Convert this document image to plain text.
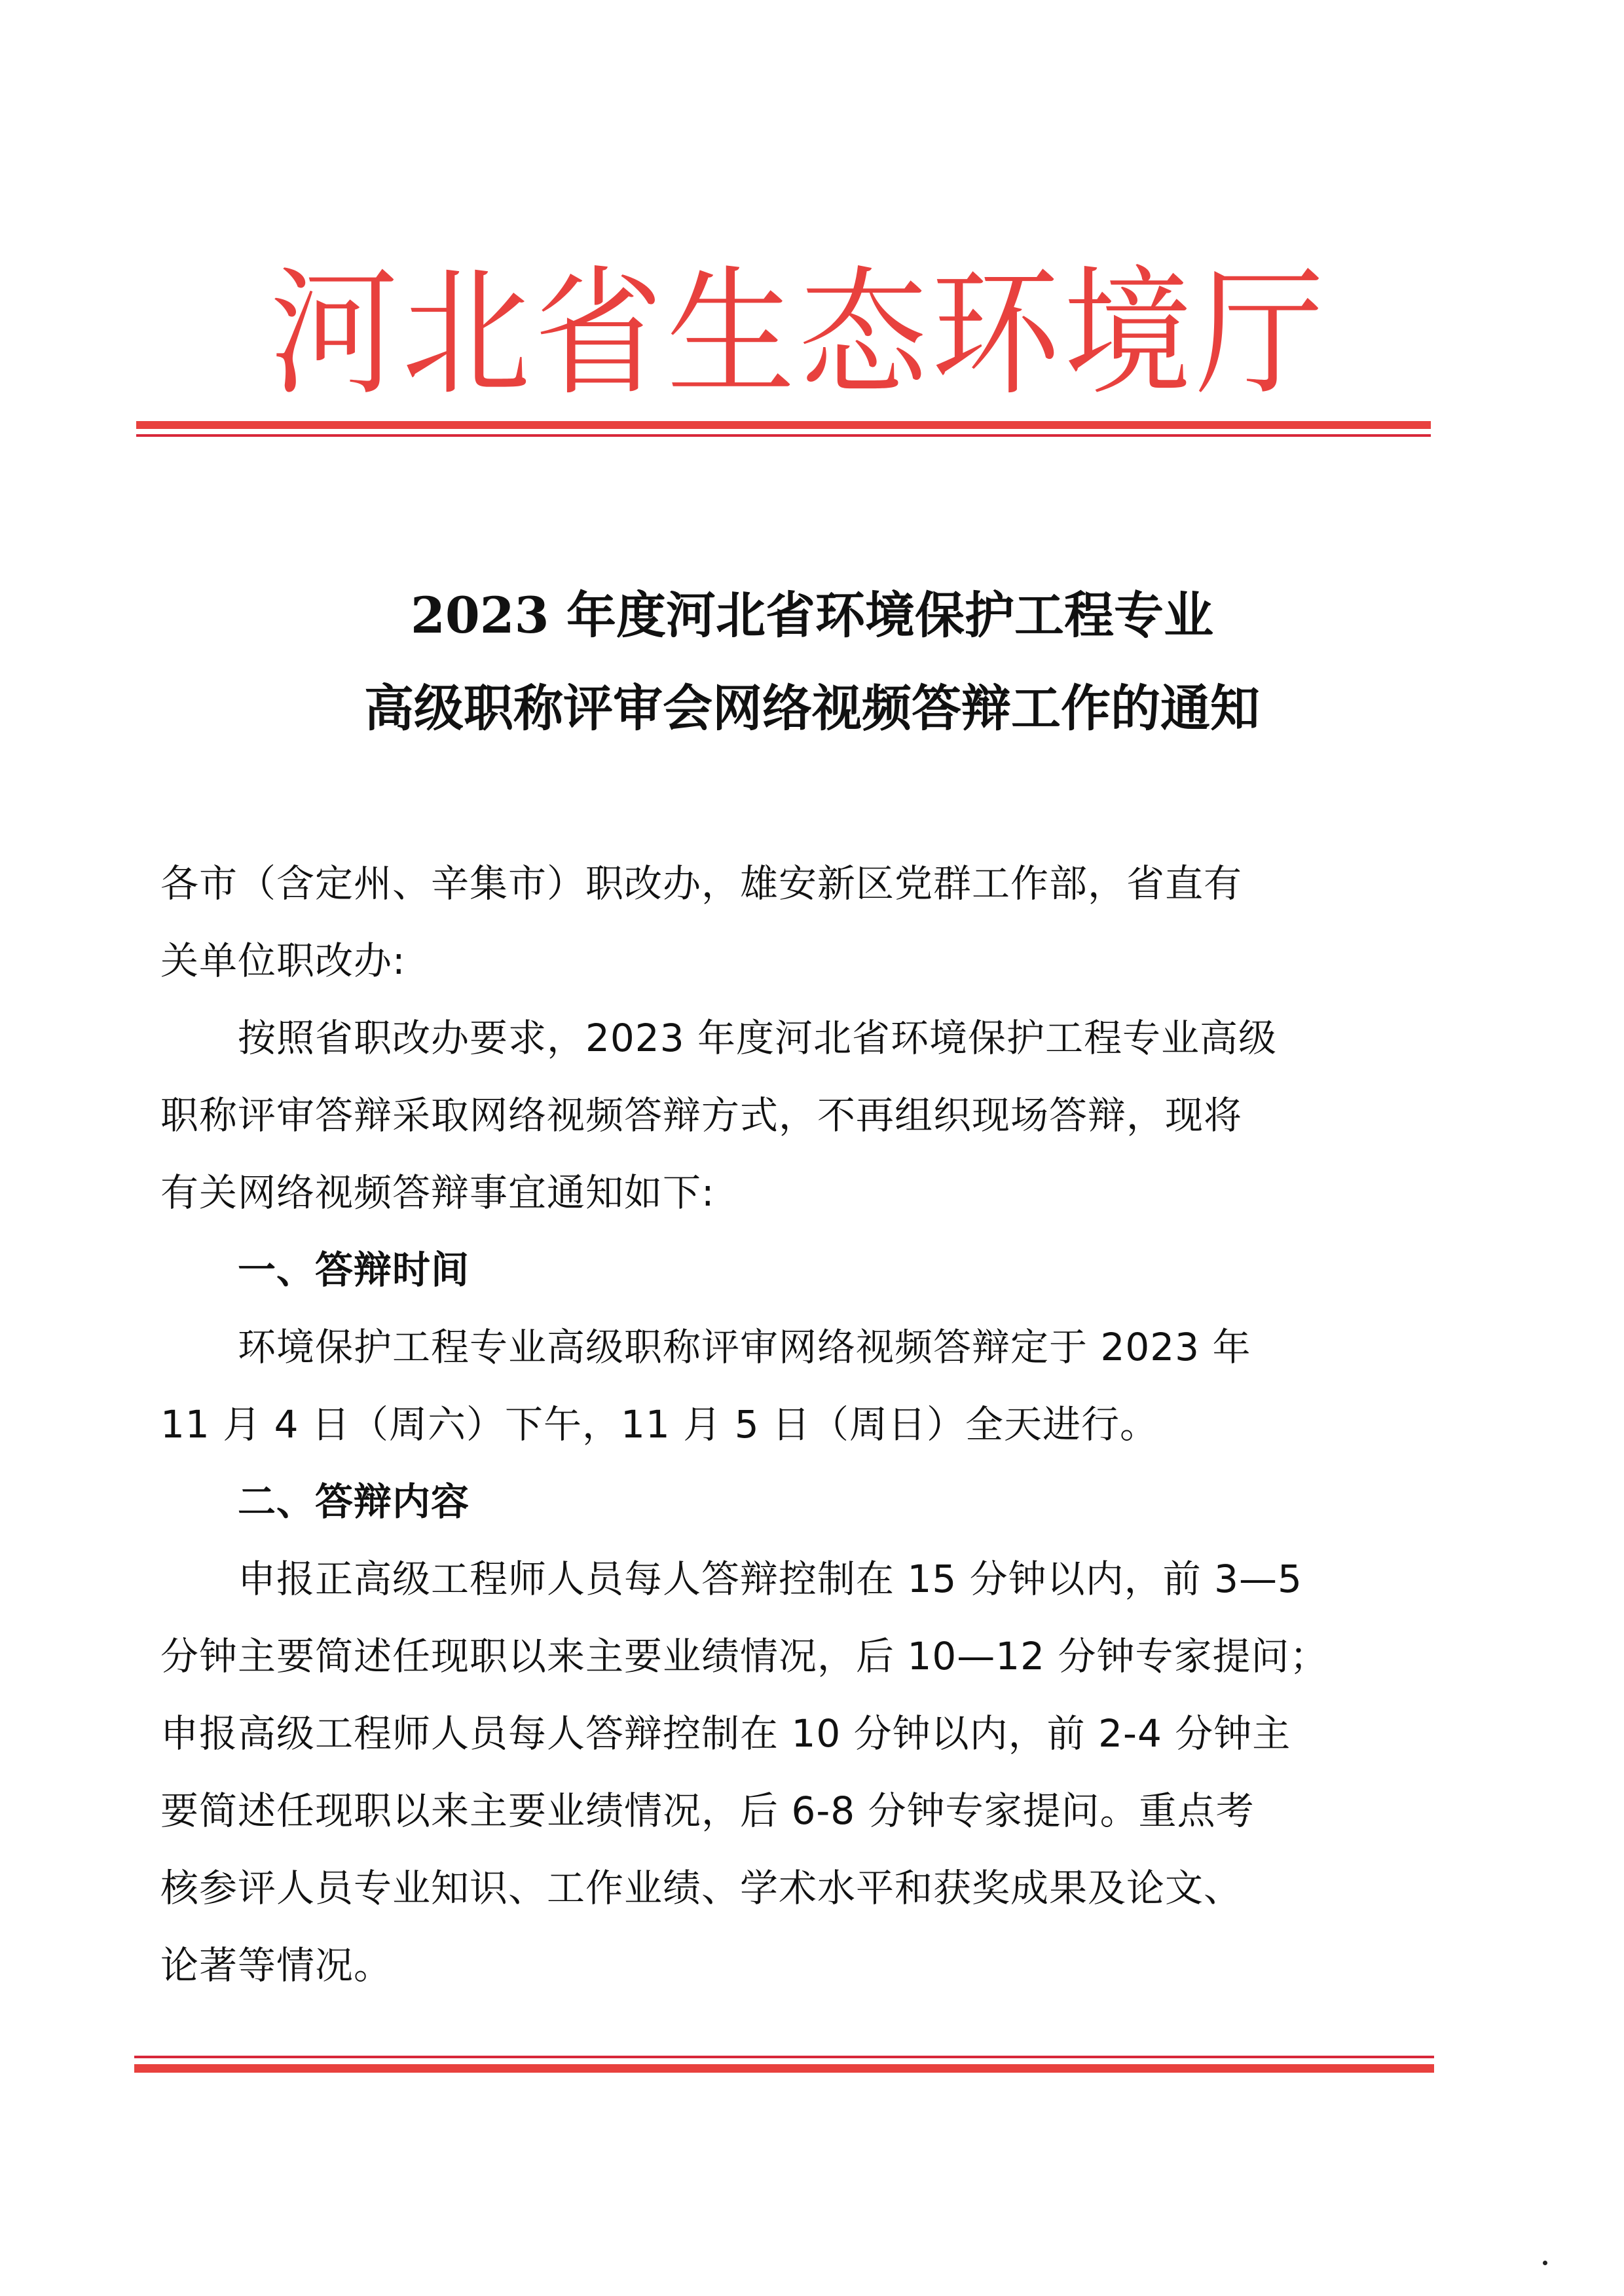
河北省生态环境厅
2023 年度河北省环境保护工程专业
高级职称评审会网络视频答辩工作的通知

各市（含定州、辛集市）职改办，雄安新区党群工作部，省直有

关单位职改办:

按照省职改办要求，2023 年度河北省环境保护工程专业高级

职称评审答辩采取网络视频答辩方式，不再组织现场答辩，现将

有关网络视频答辩事宜通知如下:

一、答辩时间

环境保护工程专业高级职称评审网络视频答辩定于 2023 年

11 月 4 日（周六）下午，11 月 5 日（周日）全天进行。

二、答辩内容

申报正高级工程师人员每人答辩控制在 15 分钟以内，前 3—5

分钟主要简述任现职以来主要业绩情况，后 10—12 分钟专家提问；

申报高级工程师人员每人答辩控制在 10 分钟以内，前 2-4 分钟主

要简述任现职以来主要业绩情况，后 6-8 分钟专家提问。重点考

核参评人员专业知识、工作业绩、学术水平和获奖成果及论文、

论著等情况。
